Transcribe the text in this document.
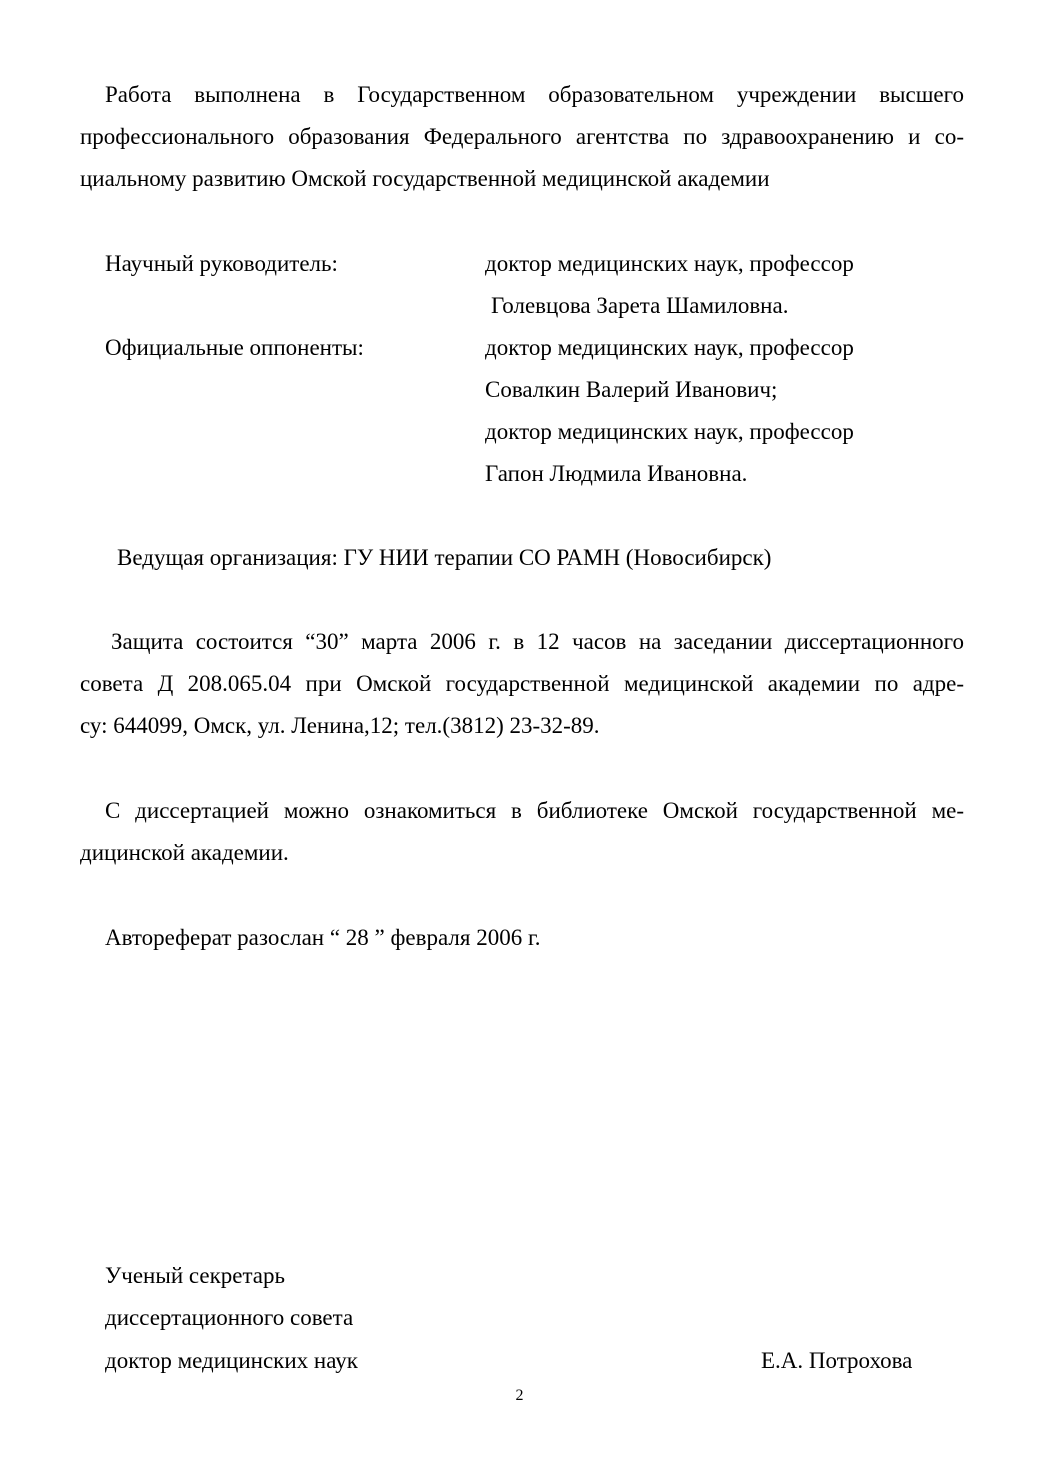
Работа выполнена в Государственном образовательном учреждении высшего
профессионального образования Федерального агентства по здравоохранению и со-
циальному развитию Омской государственной медицинской академии
Научный руководитель:	доктор медицинских наук, профессор
Голевцова Зарета Шамиловна.
Официальные оппоненты:	доктор медицинских наук, профессор
Совалкин Валерий Иванович;
доктор медицинских наук, профессор
Гапон Людмила Ивановна.
Ведущая организация: ГУ НИИ терапии СО РАМН (Новосибирск)
Защита состоится “30” марта 2006 г. в 12 часов на заседании диссертационного
совета Д 208.065.04 при Омской государственной медицинской академии по адре-
су: 644099, Омск, ул. Ленина,12; тел.(3812) 23-32-89.
С диссертацией можно ознакомиться в библиотеке Омской государственной ме-
дицинской академии.
Автореферат разослан “ 28 ” февраля 2006 г.
Ученый секретарь
диссертационного совета
доктор медицинских наук	Е.А. Потрохова
2
